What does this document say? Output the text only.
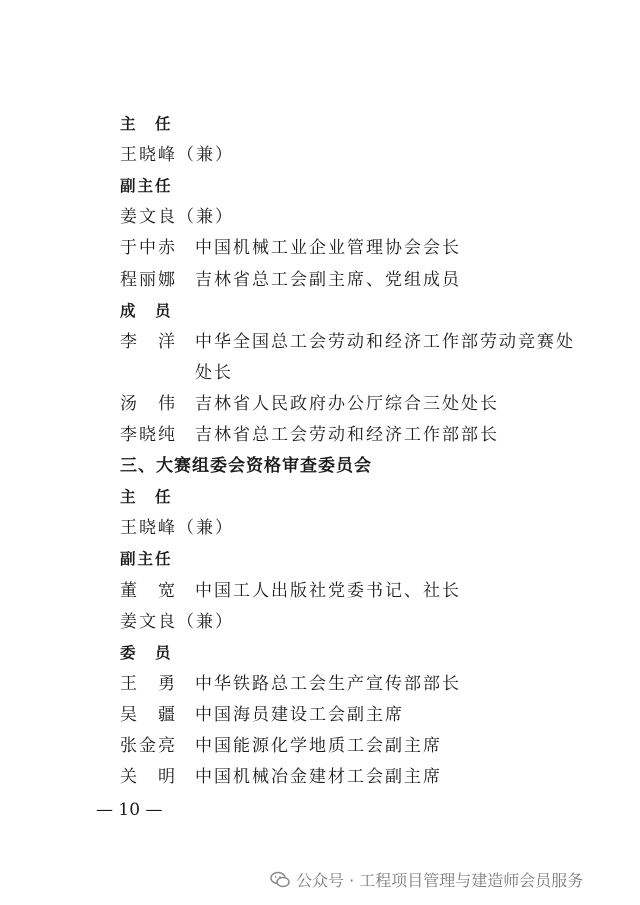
主　任
王晓峰（兼）
副主任
姜文良（兼）
于中赤 中国机械工业企业管理协会会长
程丽娜 吉林省总工会副主席、党组成员
成　员
李　洋 中华全国总工会劳动和经济工作部劳动竞赛处
处长
汤　伟 吉林省人民政府办公厅综合三处处长
李晓纯 吉林省总工会劳动和经济工作部部长
三、大赛组委会资格审查委员会
主　任
王晓峰（兼）
副主任
董　宽 中国工人出版社党委书记、社长
姜文良（兼）
委　员
王　勇 中华铁路总工会生产宣传部部长
吴　疆 中国海员建设工会副主席
张金亮 中国能源化学地质工会副主席
关　明 中国机械冶金建材工会副主席
— 10 —
公众号 · 工程项目管理与建造师会员服务
